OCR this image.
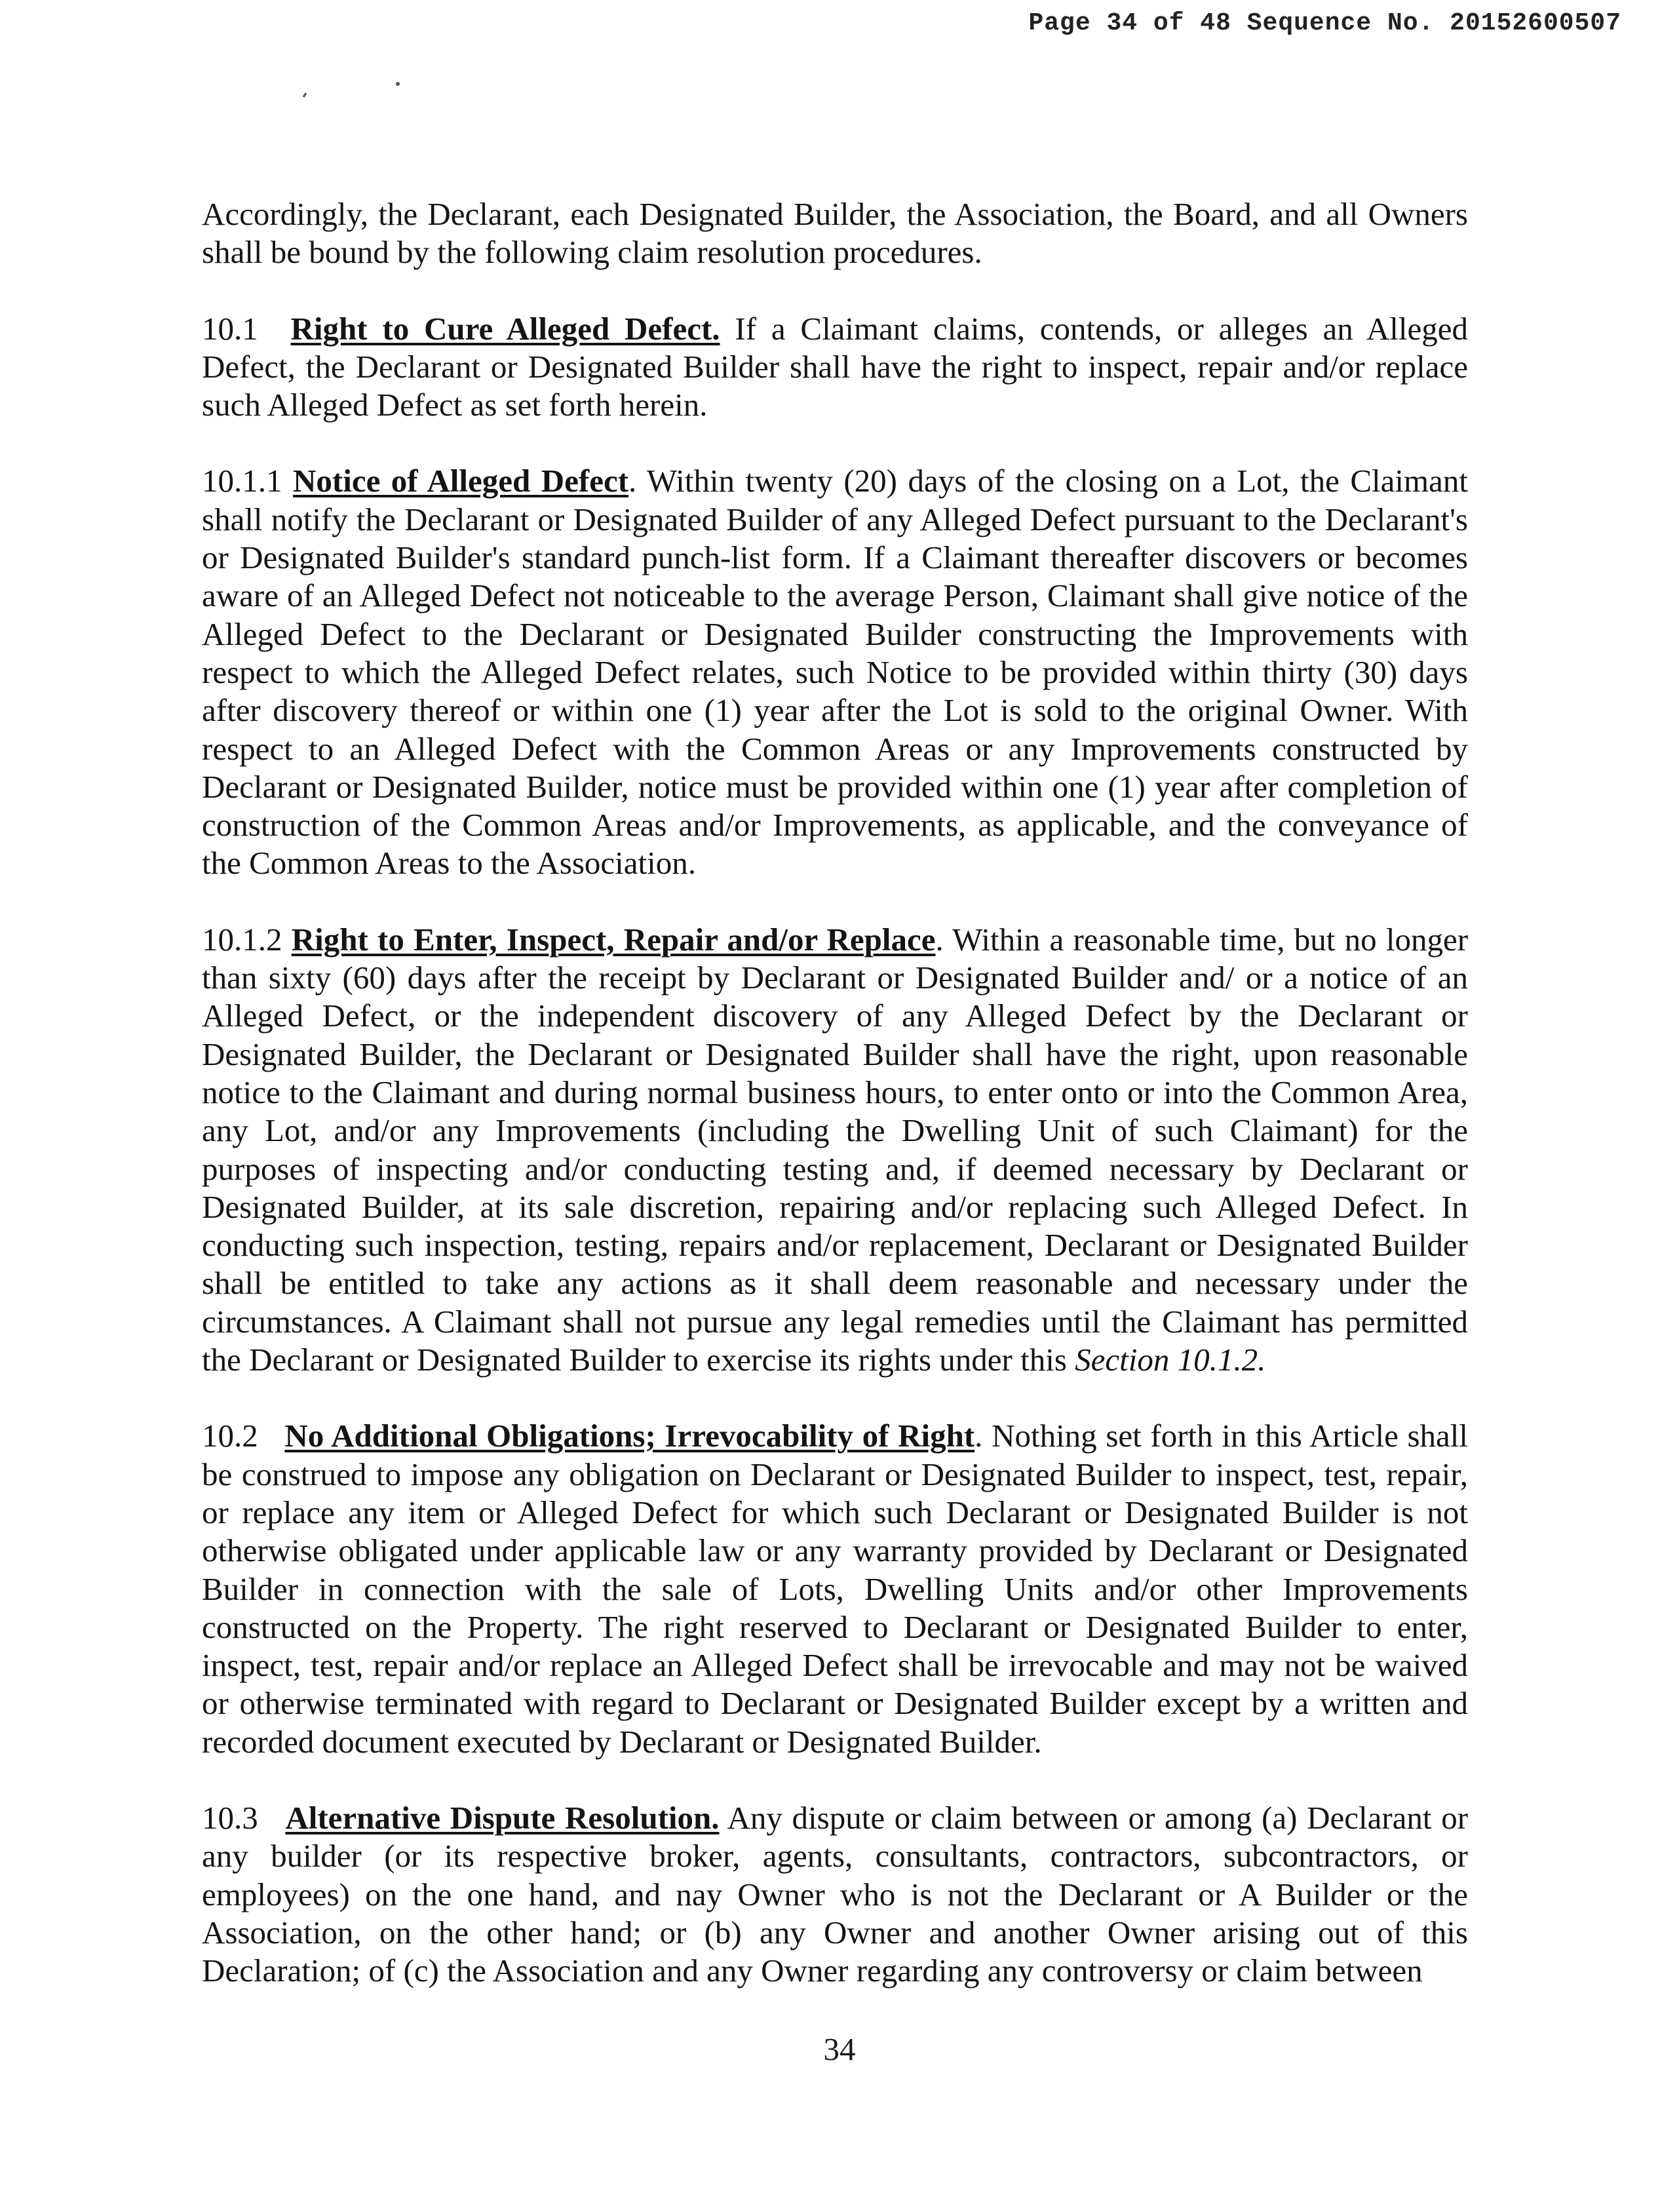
Page 34 of 48 Sequence No. 20152600507

Accordingly, the Declarant, each Designated Builder, the Association, the Board, and all Owners shall be bound by the following claim resolution procedures.

10.1 Right to Cure Alleged Defect. If a Claimant claims, contends, or alleges an Alleged Defect, the Declarant or Designated Builder shall have the right to inspect, repair and/or replace such Alleged Defect as set forth herein.

10.1.1 Notice of Alleged Defect. Within twenty (20) days of the closing on a Lot, the Claimant shall notify the Declarant or Designated Builder of any Alleged Defect pursuant to the Declarant's or Designated Builder's standard punch-list form. If a Claimant thereafter discovers or becomes aware of an Alleged Defect not noticeable to the average Person, Claimant shall give notice of the Alleged Defect to the Declarant or Designated Builder constructing the Improvements with respect to which the Alleged Defect relates, such Notice to be provided within thirty (30) days after discovery thereof or within one (1) year after the Lot is sold to the original Owner. With respect to an Alleged Defect with the Common Areas or any Improvements constructed by Declarant or Designated Builder, notice must be provided within one (1) year after completion of construction of the Common Areas and/or Improvements, as applicable, and the conveyance of the Common Areas to the Association.

10.1.2 Right to Enter, Inspect, Repair and/or Replace. Within a reasonable time, but no longer than sixty (60) days after the receipt by Declarant or Designated Builder and/ or a notice of an Alleged Defect, or the independent discovery of any Alleged Defect by the Declarant or Designated Builder, the Declarant or Designated Builder shall have the right, upon reasonable notice to the Claimant and during normal business hours, to enter onto or into the Common Area, any Lot, and/or any Improvements (including the Dwelling Unit of such Claimant) for the purposes of inspecting and/or conducting testing and, if deemed necessary by Declarant or Designated Builder, at its sale discretion, repairing and/or replacing such Alleged Defect. In conducting such inspection, testing, repairs and/or replacement, Declarant or Designated Builder shall be entitled to take any actions as it shall deem reasonable and necessary under the circumstances. A Claimant shall not pursue any legal remedies until the Claimant has permitted the Declarant or Designated Builder to exercise its rights under this Section 10.1.2.

10.2 No Additional Obligations; Irrevocability of Right. Nothing set forth in this Article shall be construed to impose any obligation on Declarant or Designated Builder to inspect, test, repair, or replace any item or Alleged Defect for which such Declarant or Designated Builder is not otherwise obligated under applicable law or any warranty provided by Declarant or Designated Builder in connection with the sale of Lots, Dwelling Units and/or other Improvements constructed on the Property. The right reserved to Declarant or Designated Builder to enter, inspect, test, repair and/or replace an Alleged Defect shall be irrevocable and may not be waived or otherwise terminated with regard to Declarant or Designated Builder except by a written and recorded document executed by Declarant or Designated Builder.

10.3 Alternative Dispute Resolution. Any dispute or claim between or among (a) Declarant or any builder (or its respective broker, agents, consultants, contractors, subcontractors, or employees) on the one hand, and nay Owner who is not the Declarant or A Builder or the Association, on the other hand; or (b) any Owner and another Owner arising out of this Declaration; of (c) the Association and any Owner regarding any controversy or claim between

34
